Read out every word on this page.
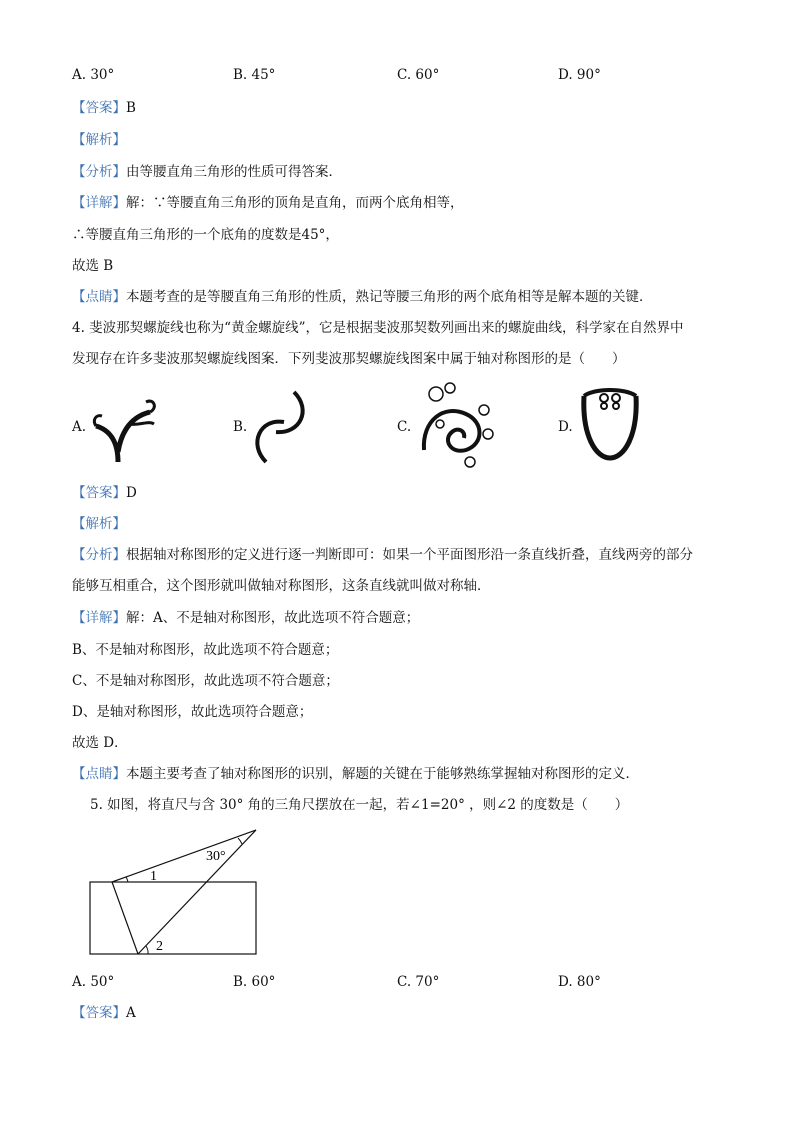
A. 30°	B. 45°	C. 60°	D. 90°
【答案】B
【解析】
【分析】由等腰直角三角形的性质可得答案．
【详解】解：∵等腰直角三角形的顶角是直角，而两个底角相等，
∴等腰直角三角形的一个底角的度数是45°，
故选 B
【点睛】本题考查的是等腰直角三角形的性质，熟记等腰三角形的两个底角相等是解本题的关键．
4. 斐波那契螺旋线也称为“黄金螺旋线”，它是根据斐波那契数列画出来的螺旋曲线，科学家在自然界中
发现存在许多斐波那契螺旋线图案．下列斐波那契螺旋线图案中属于轴对称图形的是（　　）
A.	B.	C.	D.
【答案】D
【解析】
【分析】根据轴对称图形的定义进行逐一判断即可：如果一个平面图形沿一条直线折叠，直线两旁的部分
能够互相重合，这个图形就叫做轴对称图形，这条直线就叫做对称轴．
【详解】解：A、不是轴对称图形，故此选项不符合题意；
B、不是轴对称图形，故此选项不符合题意；
C、不是轴对称图形，故此选项不符合题意；
D、是轴对称图形，故此选项符合题意；
故选 D．
【点睛】本题主要考查了轴对称图形的识别，解题的关键在于能够熟练掌握轴对称图形的定义．
5. 如图，将直尺与含 30° 角的三角尺摆放在一起，若∠1=20° ，则∠2 的度数是（　　）
30°
1
2
A. 50°	B. 60°	C. 70°	D. 80°
【答案】A
